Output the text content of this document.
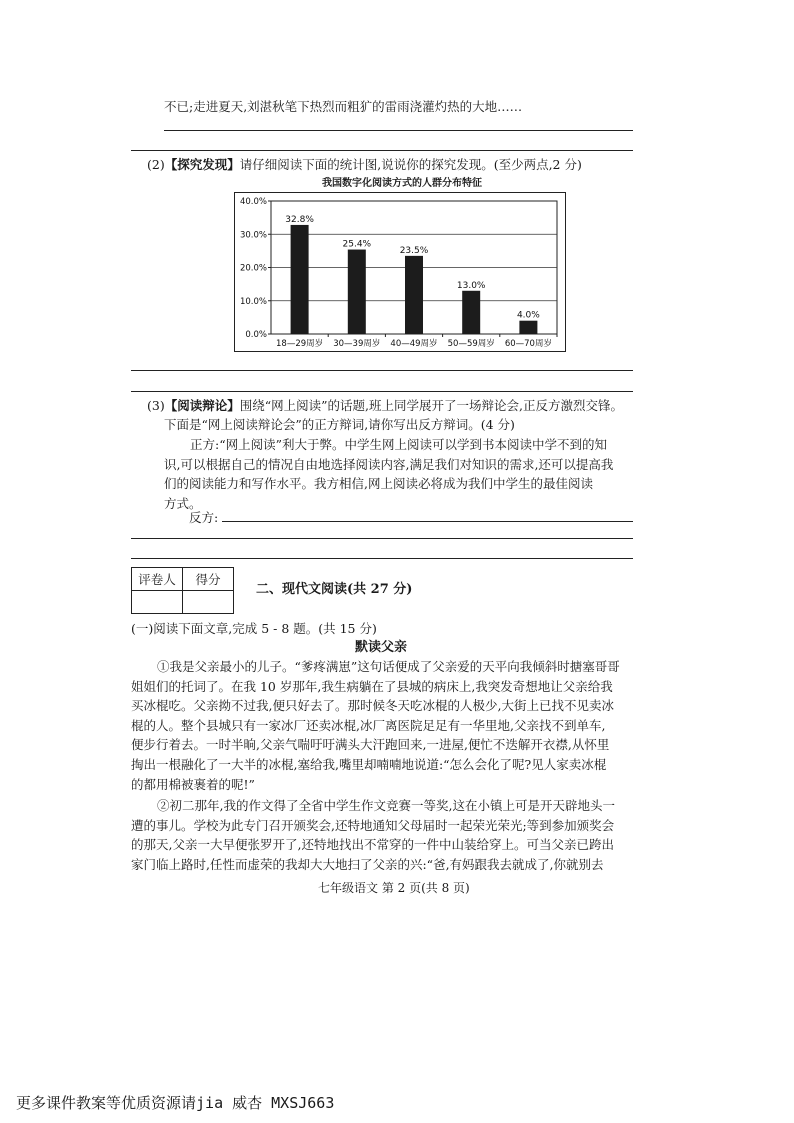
不已;走进夏天,刘湛秋笔下热烈而粗犷的雷雨浇灌灼热的大地……
(2)【探究发现】请仔细阅读下面的统计图,说说你的探究发现。(至少两点,2 分)
我国数字化阅读方式的人群分布特征
0.0%
10.0%
20.0%
30.0%
40.0%
32.8%
18—29周岁
25.4%
30—39周岁
23.5%
40—49周岁
13.0%
50—59周岁
4.0%
60—70周岁
(3)【阅读辩论】围绕“网上阅读”的话题,班上同学展开了一场辩论会,正反方激烈交锋。
下面是“网上阅读辩论会”的正方辩词,请你写出反方辩词。(4 分)
正方:“网上阅读”利大于弊。中学生网上阅读可以学到书本阅读中学不到的知
识,可以根据自己的情况自由地选择阅读内容,满足我们对知识的需求,还可以提高我
们的阅读能力和写作水平。我方相信,网上阅读必将成为我们中学生的最佳阅读
方式。
反方:
评卷人	得分

二、现代文阅读(共 27 分)
(一)阅读下面文章,完成 5 - 8 题。(共 15 分)
默读父亲
①我是父亲最小的儿子。“爹疼满崽”这句话便成了父亲爱的天平向我倾斜时搪塞哥哥
姐姐们的托词了。在我 10 岁那年,我生病躺在了县城的病床上,我突发奇想地让父亲给我
买冰棍吃。父亲拗不过我,便只好去了。那时候冬天吃冰棍的人极少,大街上已找不见卖冰
棍的人。整个县城只有一家冰厂还卖冰棍,冰厂离医院足足有一华里地,父亲找不到单车,
便步行着去。一时半晌,父亲气喘吁吁满头大汗跑回来,一进屋,便忙不迭解开衣襟,从怀里
掏出一根融化了一大半的冰棍,塞给我,嘴里却喃喃地说道:“怎么会化了呢?见人家卖冰棍
的都用棉被裹着的呢!”
②初二那年,我的作文得了全省中学生作文竞赛一等奖,这在小镇上可是开天辟地头一
遭的事儿。学校为此专门召开颁奖会,还特地通知父母届时一起荣光荣光;等到参加颁奖会
的那天,父亲一大早便张罗开了,还特地找出不常穿的一件中山装给穿上。可当父亲已跨出
家门临上路时,任性而虚荣的我却大大地扫了父亲的兴:“爸,有妈跟我去就成了,你就别去
七年级语文 第 2 页(共 8 页)
更多课件教案等优质资源请jia 威杏 MXSJ663
